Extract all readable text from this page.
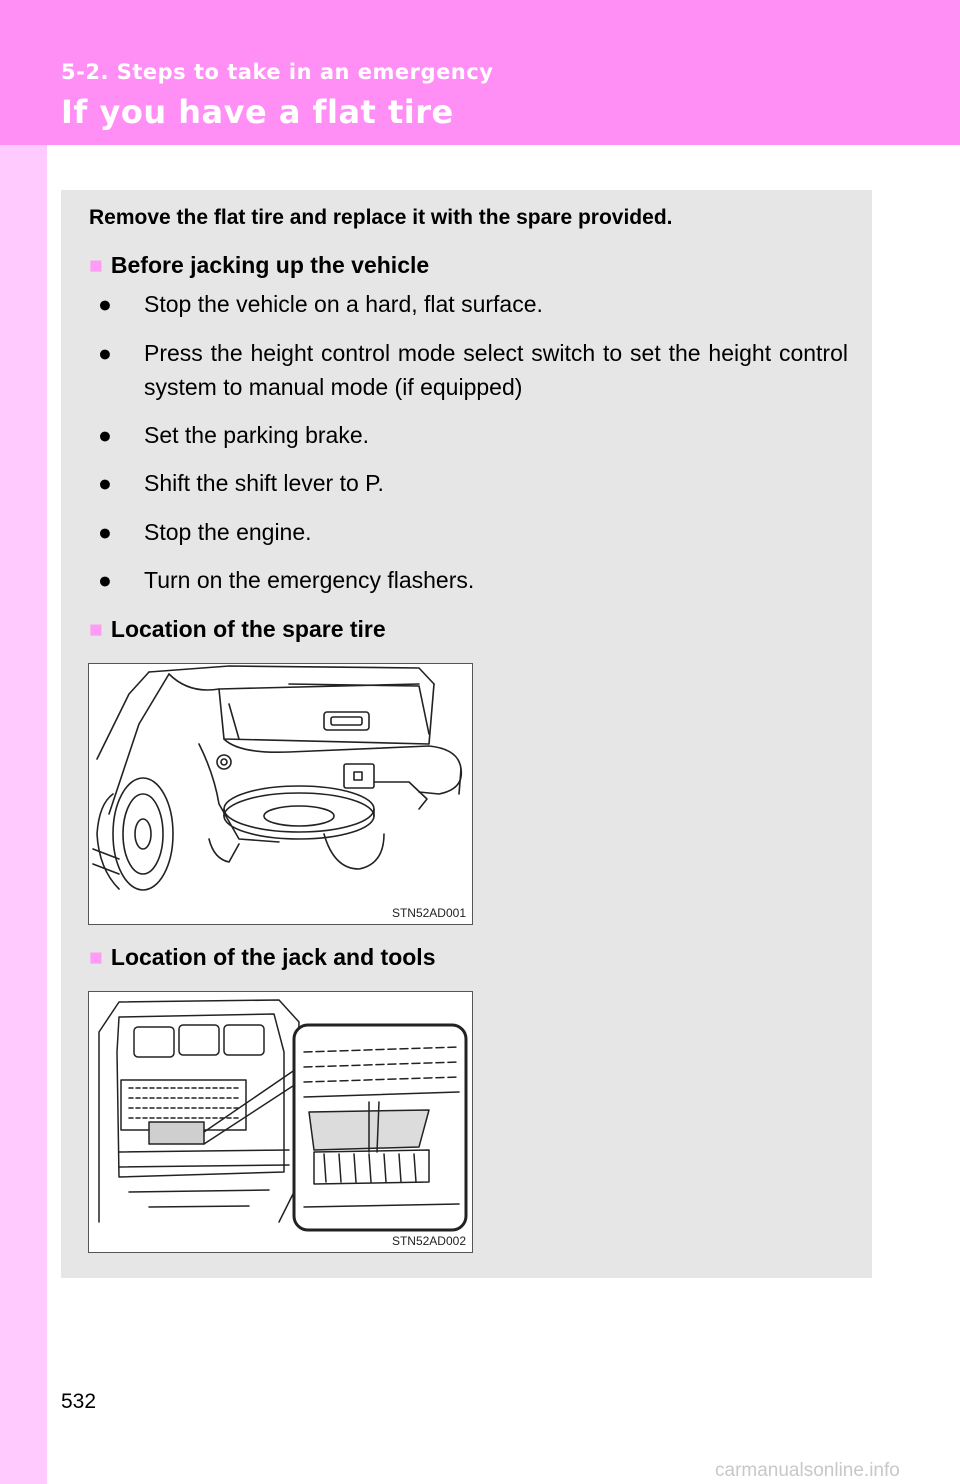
5-2. Steps to take in an emergency
If you have a flat tire
Remove the flat tire and replace it with the spare provided.
■ Before jacking up the vehicle
● Stop the vehicle on a hard, flat surface.
● Press the height control mode select switch to set the height control system to manual mode (if equipped)
● Set the parking brake.
● Shift the shift lever to P.
● Stop the engine.
● Turn on the emergency flashers.
■ Location of the spare tire
STN52AD001
■ Location of the jack and tools
STN52AD002
532
carmanualsonline.info
